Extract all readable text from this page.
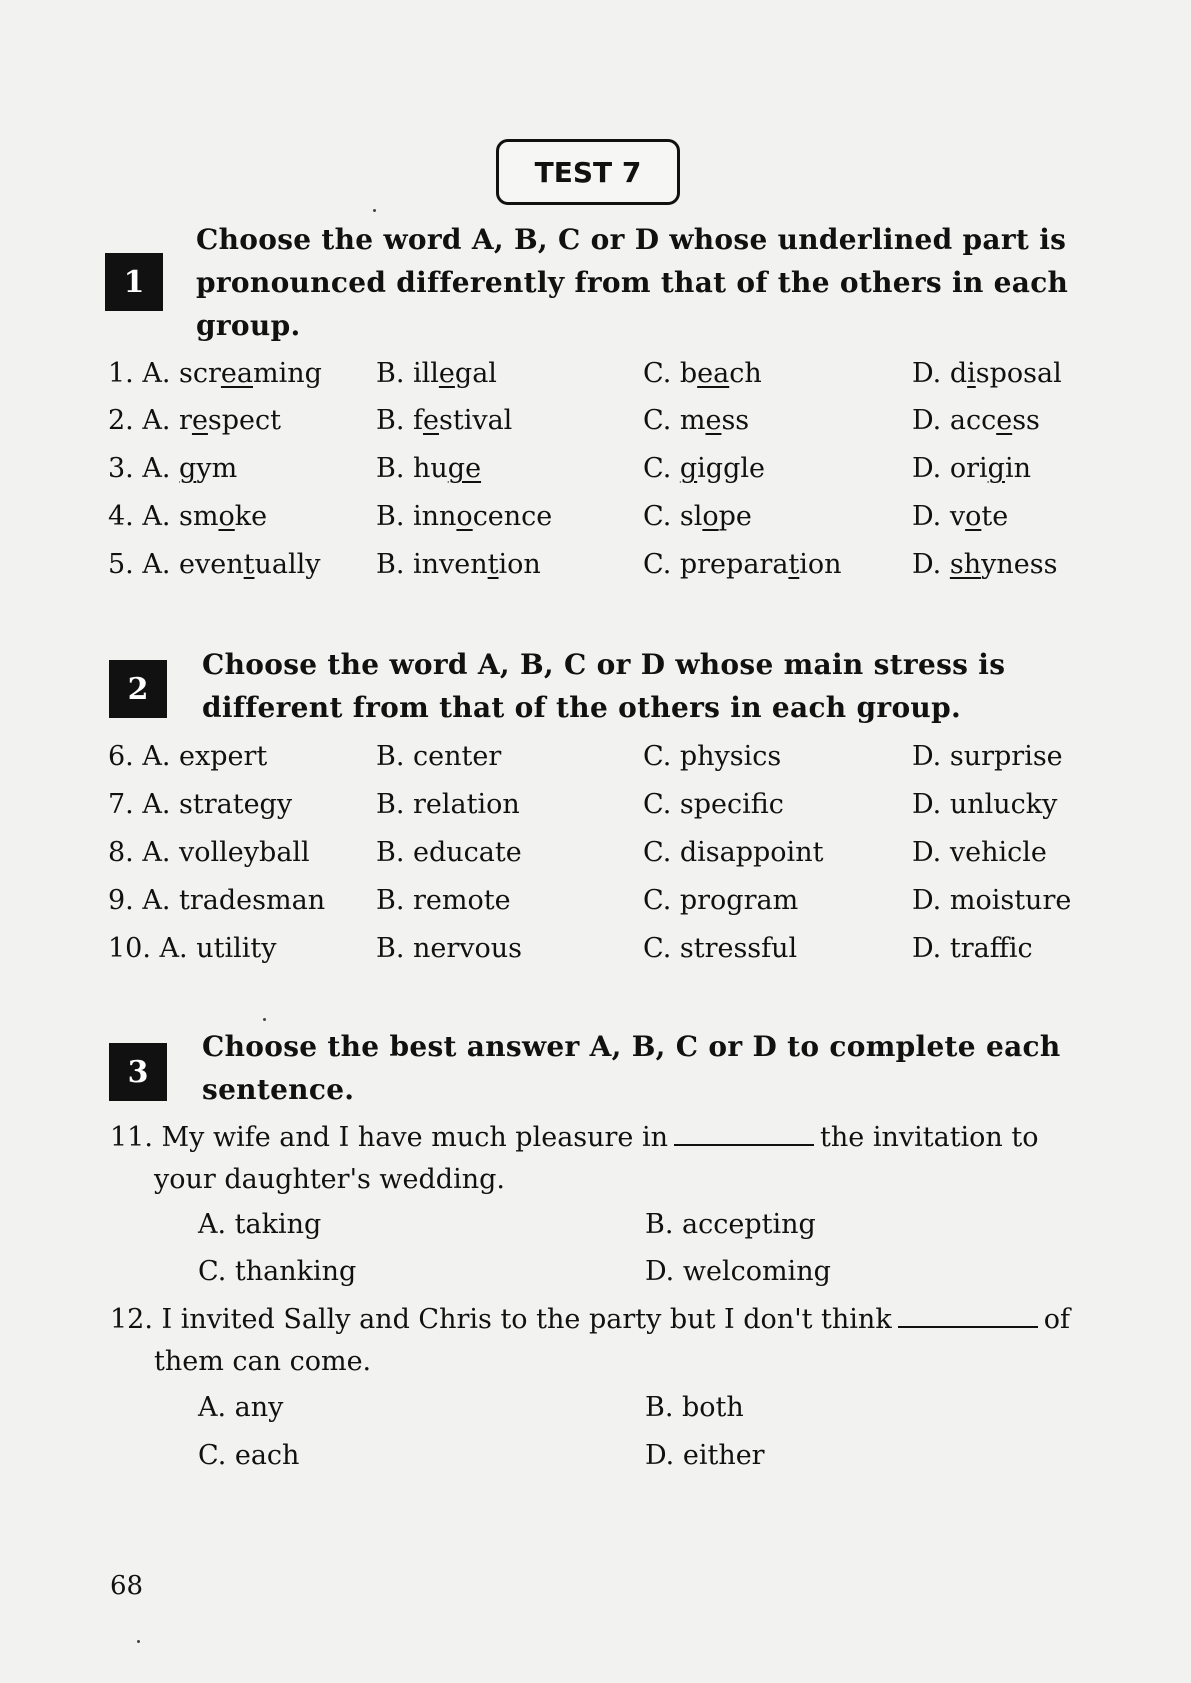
TEST 7
1
Choose the word A, B, C or D whose underlined part is
pronounced differently from that of the others in each
group.
1. A. screaming B. illegal	C. beach	D. disposal
2. A. respect	B. festival	C. mess	D. access
3. A. gym	B. huge	C. giggle	D. origin
4. A. smoke	B. innocence	C. slope	D. vote
5. A. eventually B. invention	C. preparation	D. shyness
2
Choose the word A, B, C or D whose main stress is
different from that of the others in each group.
6. A. expert	B. center	C. physics	D. surprise
7. A. strategy	B. relation	C. specific	D. unlucky
8. A. volleyball B. educate	C. disappoint	D. vehicle
9. A. tradesman B. remote	C. program	D. moisture
10. A. utility	B. nervous	C. stressful	D. traffic
3
Choose the best answer A, B, C or D to complete each
sentence.
11. My wife and I have much pleasure in	the invitation to
your daughter's wedding.
A. taking	B. accepting
C. thanking	D. welcoming
12. I invited Sally and Chris to the party but I don't think	of
them can come.
A. any	B. both
C. each	D. either
68
